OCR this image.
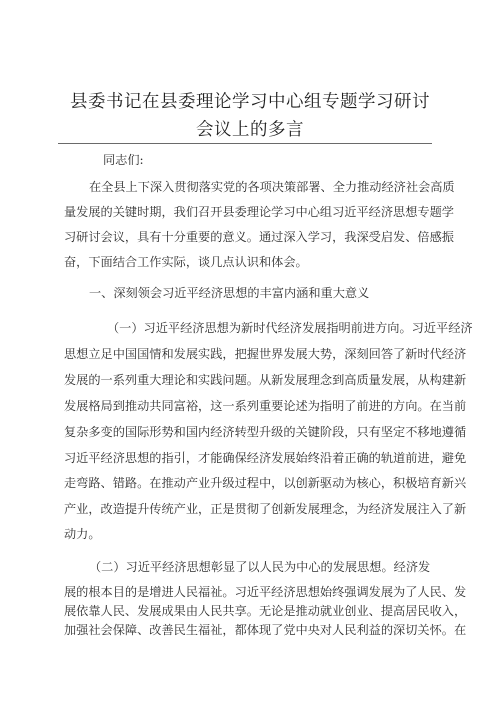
县委书记在县委理论学习中心组专题学习研讨
会议上的多言
同志们:
在全县上下深入贯彻落实党的各项决策部署、全力推动经济社会高质
量发展的关键时期，我们召开县委理论学习中心组习近平经济思想专题学
习研讨会议，具有十分重要的意义。通过深入学习，我深受启发、倍感振
奋，下面结合工作实际，谈几点认识和体会。
一、深刻领会习近平经济思想的丰富内涵和重大意义
（一）习近平经济思想为新时代经济发展指明前进方向。习近平经济
思想立足中国国情和发展实践，把握世界发展大势，深刻回答了新时代经济
发展的一系列重大理论和实践问题。从新发展理念到高质量发展，从构建新
发展格局到推动共同富裕，这一系列重要论述为指明了前进的方向。在当前
复杂多变的国际形势和国内经济转型升级的关键阶段，只有坚定不移地遵循
习近平经济思想的指引，才能确保经济发展始终沿着正确的轨道前进，避免
走弯路、错路。在推动产业升级过程中，以创新驱动为核心，积极培育新兴
产业，改造提升传统产业，正是贯彻了创新发展理念，为经济发展注入了新
动力。
（二）习近平经济思想彰显了以人民为中心的发展思想。经济发
展的根本目的是增进人民福祉。习近平经济思想始终强调发展为了人民、发
展依靠人民、发展成果由人民共享。无论是推动就业创业、提高居民收入，
加强社会保障、改善民生福祉，都体现了党中央对人民利益的深切关怀。在
